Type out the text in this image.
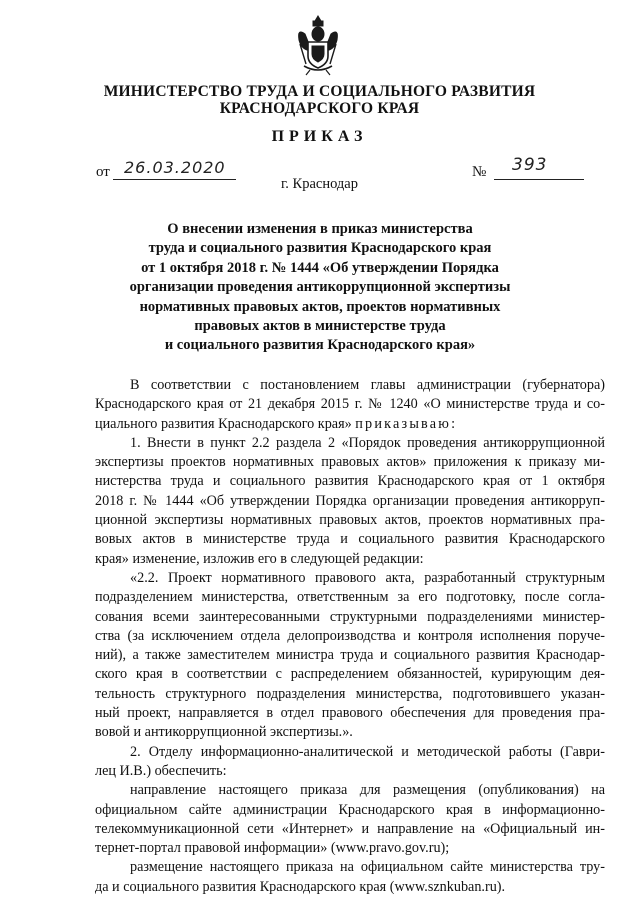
МИНИСТЕРСТВО ТРУДА И СОЦИАЛЬНОГО РАЗВИТИЯ
КРАСНОДАРСКОГО КРАЯ
ПРИКАЗ
от 26.03.2020	№ 393
г. Краснодар
О внесении изменения в приказ министерства
труда и социального развития Краснодарского края
от 1 октября 2018 г. № 1444 «Об утверждении Порядка
организации проведения антикоррупционной экспертизы
нормативных правовых актов, проектов нормативных
правовых актов в министерстве труда
и социального развития Краснодарского края»

В соответствии с постановлением главы администрации (губернатора)
Краснодарского края от 21 декабря 2015 г. № 1240 «О министерстве труда и со-
циального развития Краснодарского края» приказываю:

1. Внести в пункт 2.2 раздела 2 «Порядок проведения антикоррупционной
экспертизы проектов нормативных правовых актов» приложения к приказу ми-
нистерства труда и социального развития Краснодарского края от 1 октября
2018 г. № 1444 «Об утверждении Порядка организации проведения антикорруп-
ционной экспертизы нормативных правовых актов, проектов нормативных пра-
вовых актов в министерстве труда и социального развития Краснодарского
края» изменение, изложив его в следующей редакции:

«2.2. Проект нормативного правового акта, разработанный структурным
подразделением министерства, ответственным за его подготовку, после согла-
сования всеми заинтересованными структурными подразделениями министер-
ства (за исключением отдела делопроизводства и контроля исполнения поруче-
ний), а также заместителем министра труда и социального развития Краснодар-
ского края в соответствии с распределением обязанностей, курирующим дея-
тельность структурного подразделения министерства, подготовившего указан-
ный проект, направляется в отдел правового обеспечения для проведения пра-
вовой и антикоррупционной экспертизы.».

2. Отделу информационно-аналитической и методической работы (Гаври-
лец И.В.) обеспечить:

направление настоящего приказа для размещения (опубликования) на
официальном сайте администрации Краснодарского края в информационно-
телекоммуникационной сети «Интернет» и направление на «Официальный ин-
тернет-портал правовой информации» (www.pravo.gov.ru);

размещение настоящего приказа на официальном сайте министерства тру-
да и социального развития Краснодарского края (www.sznkuban.ru).
